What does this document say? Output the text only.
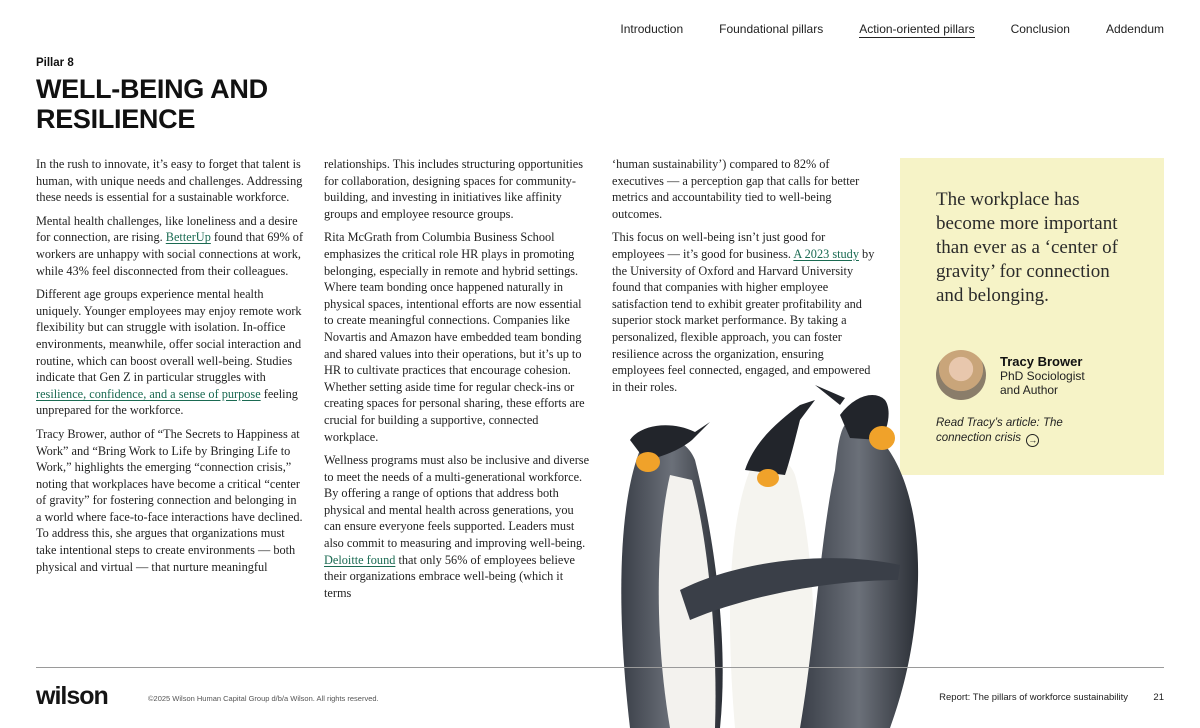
Introduction	Foundational pillars	Action-oriented pillars	Conclusion	Addendum
Pillar 8
WELL-BEING AND
RESILIENCE

In the rush to innovate, it’s easy to forget that talent is human, with unique needs and challenges. Addressing these needs is essential for a sustainable workforce.

Mental health challenges, like loneliness and a desire for connection, are rising. BetterUp found that 69% of workers are unhappy with social connections at work, while 43% feel disconnected from their colleagues.

Different age groups experience mental health uniquely. Younger employees may enjoy remote work flexibility but can struggle with isolation. In-office environments, meanwhile, offer social interaction and routine, which can boost overall well-being. Studies indicate that Gen Z in particular struggles with resilience, confidence, and a sense of purpose feeling unprepared for the workforce.

Tracy Brower, author of “The Secrets to Happiness at Work” and “Bring Work to Life by Bringing Life to Work,” highlights the emerging “connection crisis,” noting that workplaces have become a critical “center of gravity” for fostering connection and belonging in a world where face-to-face interactions have declined. To address this, she argues that organizations must take intentional steps to create environments — both physical and virtual — that nurture meaningful

relationships. This includes structuring opportunities for collaboration, designing spaces for community-building, and investing in initiatives like affinity groups and employee resource groups.

Rita McGrath from Columbia Business School emphasizes the critical role HR plays in promoting belonging, especially in remote and hybrid settings. Where team bonding once happened naturally in physical spaces, intentional efforts are now essential to create meaningful connections. Companies like Novartis and Amazon have embedded team bonding and shared values into their operations, but it’s up to HR to cultivate practices that encourage cohesion. Whether setting aside time for regular check-ins or creating spaces for personal sharing, these efforts are crucial for building a supportive, connected workplace.

Wellness programs must also be inclusive and diverse to meet the needs of a multi-generational workforce. By offering a range of options that address both physical and mental health across generations, you can ensure everyone feels supported. Leaders must also commit to measuring and improving well-being. Deloitte found that only 56% of employees believe their organizations embrace well-being (which it terms

‘human sustainability’) compared to 82% of executives — a perception gap that calls for better metrics and accountability tied to well-being outcomes.

This focus on well-being isn’t just good for employees — it’s good for business. A 2023 study by the University of Oxford and Harvard University found that companies with higher employee satisfaction tend to exhibit greater profitability and superior stock market performance. By taking a personalized, flexible approach, you can foster resilience across the organization, ensuring employees feel connected, engaged, and empowered in their roles.

The workplace has become more important than ever as a ‘center of gravity’ for connection and belonging.

Tracy Brower
PhD Sociologist
and Author
Read Tracy’s article: The connection crisis →
wilson	©2025 Wilson Human Capital Group d/b/a Wilson. All rights reserved.	Report: The pillars of workforce sustainability	21
